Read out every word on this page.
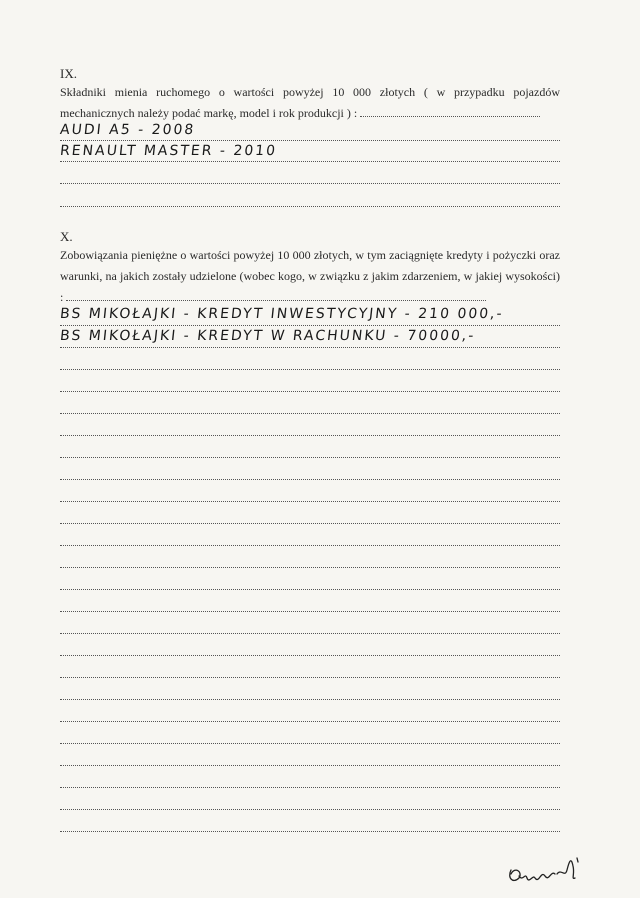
IX.
Składniki mienia ruchomego o wartości powyżej 10 000 złotych ( w przypadku pojazdów mechanicznych należy podać markę, model i rok produkcji ) :
AUDI A5 - 2008
RENAULT MASTER - 2010
X.
Zobowiązania pieniężne o wartości powyżej 10 000 złotych, w tym zaciągnięte kredyty i pożyczki oraz warunki, na jakich zostały udzielone (wobec kogo, w związku z jakim zdarzeniem, w jakiej wysokości) :
BS MIKOŁAJKI - KREDYT INWESTYCYJNY - 210 000,-
BS MIKOŁAJKI - KREDYT W RACHUNKU - 70000,-
